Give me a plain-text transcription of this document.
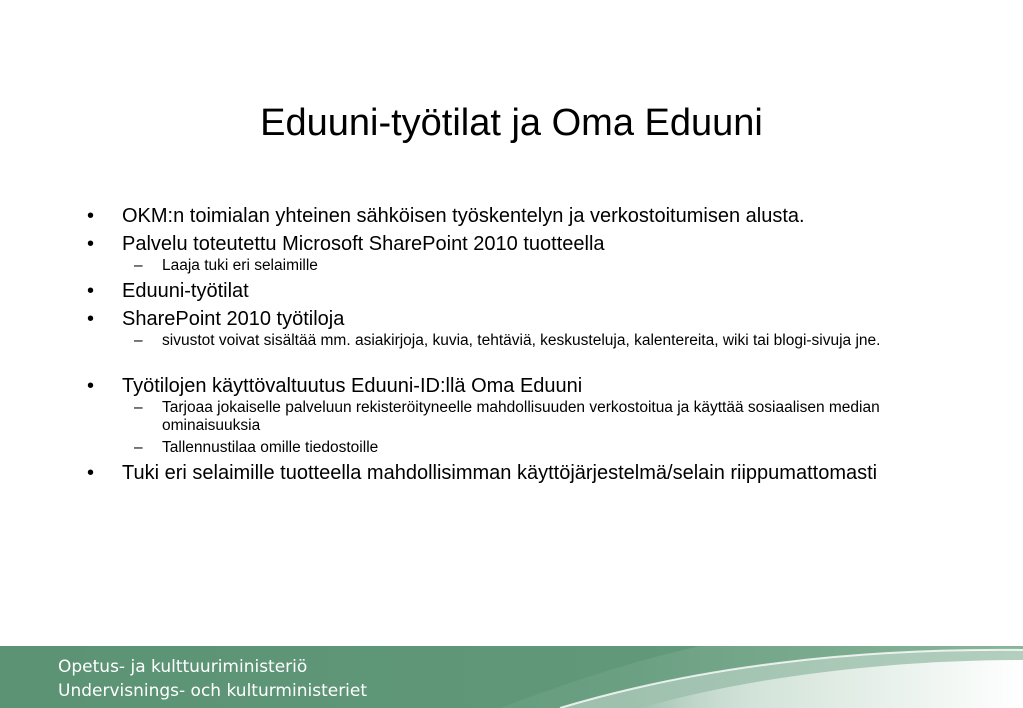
Eduuni-työtilat ja Oma Eduuni
• OKM:n toimialan yhteinen sähköisen työskentelyn ja verkostoitumisen alusta.
• Palvelu toteutettu Microsoft SharePoint 2010 tuotteella
– Laaja tuki eri selaimille
• Eduuni-työtilat
• SharePoint 2010 työtiloja
– sivustot voivat sisältää mm. asiakirjoja, kuvia, tehtäviä, keskusteluja, kalentereita, wiki tai blogi-sivuja jne.
• Työtilojen käyttövaltuutus Eduuni-ID:llä Oma Eduuni
– Tarjoaa jokaiselle palveluun rekisteröityneelle mahdollisuuden verkostoitua ja käyttää sosiaalisen median ominaisuuksia
– Tallennustilaa omille tiedostoille
• Tuki eri selaimille tuotteella mahdollisimman käyttöjärjestelmä/selain riippumattomasti
Opetus- ja kulttuuriministeriö
Undervisnings- och kulturministeriet
